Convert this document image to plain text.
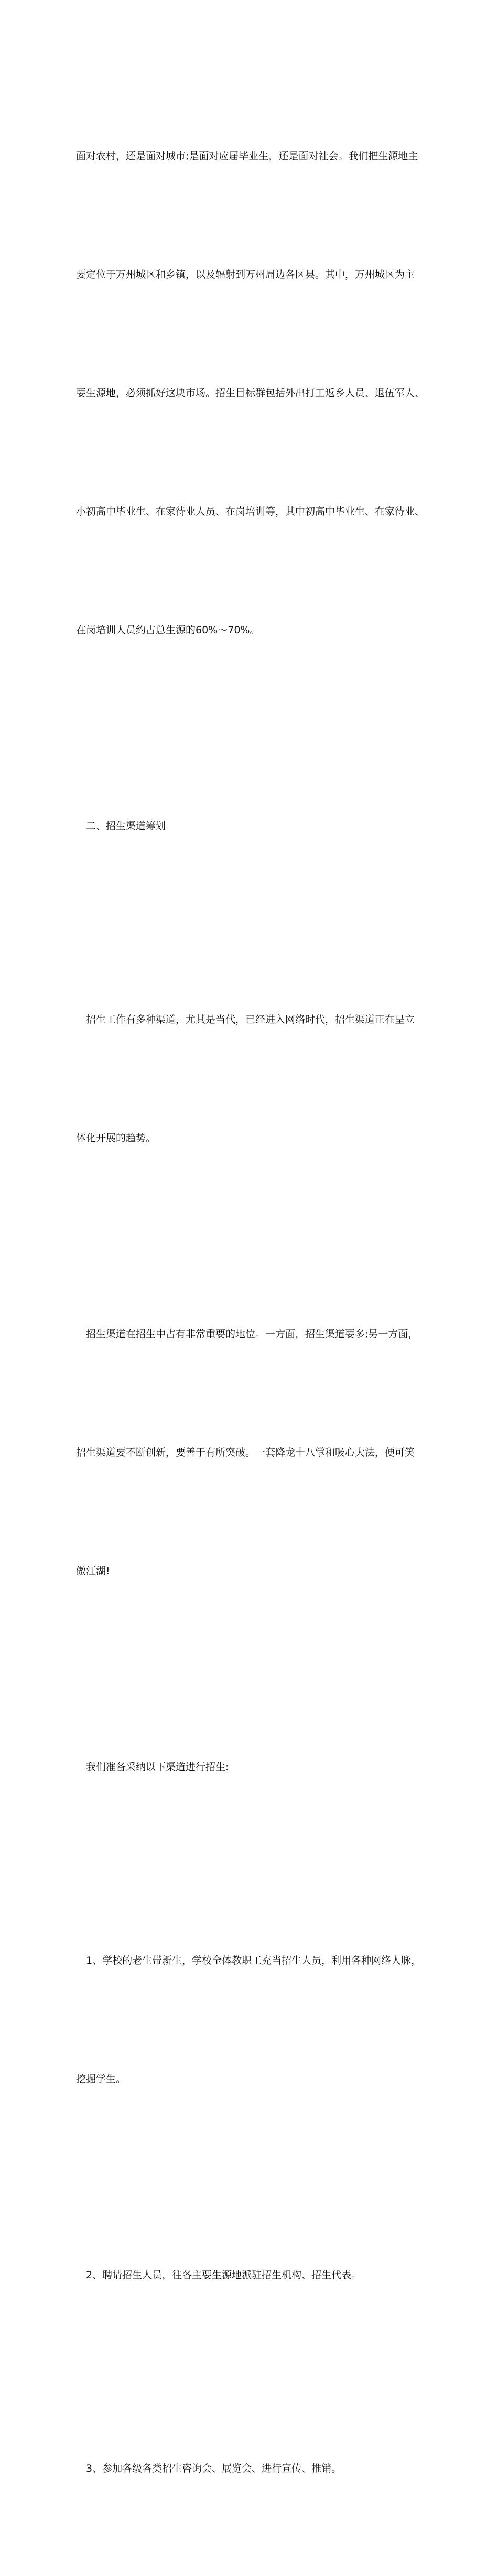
面对农村，还是面对城市;是面对应届毕业生，还是面对社会。我们把生源地主

要定位于万州城区和乡镇，以及辐射到万州周边各区县。其中，万州城区为主

要生源地，必须抓好这块市场。招生目标群包括外出打工返乡人员、退伍军人、

小初高中毕业生、在家待业人员、在岗培训等，其中初高中毕业生、在家待业、

在岗培训人员约占总生源的60%～70%。

二、招生渠道筹划

招生工作有多种渠道，尤其是当代，已经进入网络时代，招生渠道正在呈立

体化开展的趋势。

招生渠道在招生中占有非常重要的地位。一方面，招生渠道要多;另一方面，

招生渠道要不断创新，要善于有所突破。一套降龙十八掌和吸心大法，便可笑

傲江湖!

我们准备采纳以下渠道进行招生:

1、学校的老生带新生，学校全体教职工充当招生人员，利用各种网络人脉，

挖掘学生。

2、聘请招生人员，往各主要生源地派驻招生机构、招生代表。

3、参加各级各类招生咨询会、展览会、进行宣传、推销。
